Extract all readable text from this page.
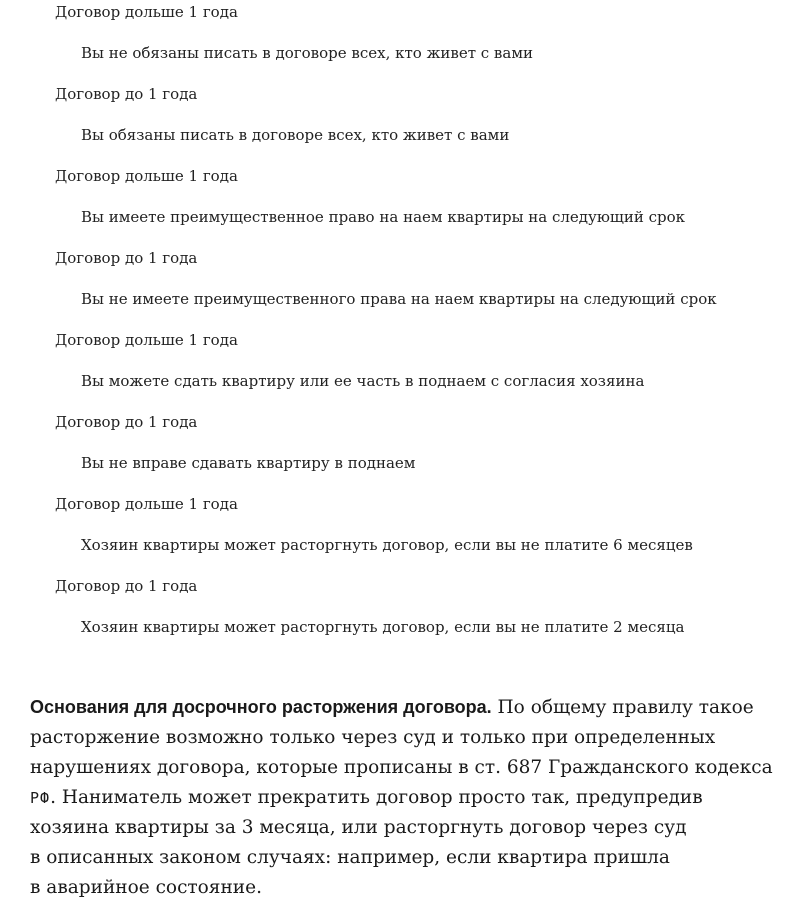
Договор дольше 1 года
Вы не обязаны писать в договоре всех, кто живет с вами
Договор до 1 года
Вы обязаны писать в договоре всех, кто живет с вами
Договор дольше 1 года
Вы имеете преимущественное право на наем квартиры на следующий срок
Договор до 1 года
Вы не имеете преимущественного права на наем квартиры на следующий срок
Договор дольше 1 года
Вы можете сдать квартиру или ее часть в поднаем с согласия хозяина
Договор до 1 года
Вы не вправе сдавать квартиру в поднаем
Договор дольше 1 года
Хозяин квартиры может расторгнуть договор, если вы не платите 6 месяцев
Договор до 1 года
Хозяин квартиры может расторгнуть договор, если вы не платите 2 месяца
Основания для досрочного расторжения договора. По общему правилу такое
расторжение возможно только через суд и только при определенных
нарушениях договора, которые прописаны в ст. 687 Гражданского кодекса
РФ. Наниматель может прекратить договор просто так, предупредив
хозяина квартиры за 3 месяца, или расторгнуть договор через суд
в описанных законом случаях: например, если квартира пришла
в аварийное состояние.
